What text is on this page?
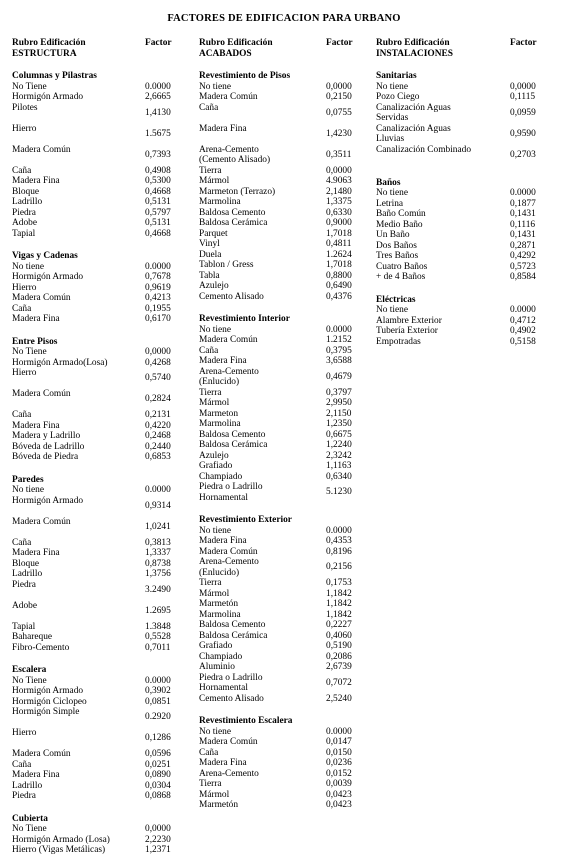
FACTORES DE EDIFICACION PARA URBANO
Rubro Edificación
ESTRUCTURA
Factor
Columnas y Pilastras
No Tiene	0.0000
Hormigón Armado	2,6665
Pilotes	1,4130
Hierro	1.5675
Madera Común	0,7393
Caña	0,4908
Madera Fina	0,5300
Bloque	0,4668
Ladrillo	0,5131
Piedra	0,5797
Adobe	0,5131
Tapial	0,4668
Vigas y Cadenas
No tiene	0.0000
Hormigón Armado	0,7678
Hierro	0,9619
Madera Común	0,4213
Caña	0,1955
Madera Fina	0,6170
Entre Pisos
No Tiene	0,0000
Hormigón Armado(Losa)	0,4268
Hierro	0,5740
Madera Común	0,2824
Caña	0,2131
Madera Fina	0,4220
Madera y Ladrillo	0,2468
Bóveda de Ladrillo	0,2440
Bóveda de Piedra	0,6853
Paredes
No tiene	0.0000
Hormigón Armado	0,9314
Madera Común	1,0241
Caña	0,3813
Madera Fina	1,3337
Bloque	0,8738
Ladrillo	1,3756
Piedra	3.2490
Adobe	1.2695
Tapial	1.3848
Bahareque	0,5528
Fibro-Cemento	0,7011
Escalera
No Tiene	0.0000
Hormigón Armado	0,3902
Hormigón Ciclopeo	0,0851
Hormigón Simple	0.2920
Hierro	0,1286
Madera Común	0,0596
Caña	0,0251
Madera Fina	0,0890
Ladrillo	0,0304
Piedra	0,0868
Cubierta
No Tiene	0,0000
Hormigón Armado (Losa)	2,2230
Hierro (Vigas Metálicas)	1,2371
Rubro Edificación
ACABADOS
Factor
Revestimiento de Pisos
No tiene	0,0000
Madera Común	0,2150
Caña	0,0755
Madera Fina	1,4230
Arena-Cemento
(Cemento Alisado)
0,3511
Tierra	0,0000
Mármol	4.9063
Marmeton (Terrazo)	2,1480
Marmolina	1,3375
Baldosa Cemento	0,6330
Baldosa Cerámica	0,9000
Parquet	1,7018
Vinyl	0,4811
Duela	1.2624
Tablon / Gress	1,7018
Tabla	0,8800
Azulejo	0,6490
Cemento Alisado	0,4376
Revestimiento Interior
No tiene	0.0000
Madera Común	1.2152
Caña	0,3795
Madera Fina	3,6588
Arena-Cemento
(Enlucido)
0,4679
Tierra	0,3797
Mármol	2,9950
Marmeton	2,1150
Marmolina	1,2350
Baldosa Cemento	0,6675
Baldosa Cerámica	1,2240
Azulejo	2,3242
Grafiado	1,1163
Champiado	0,6340
Piedra o Ladrillo
Hornamental
5.1230
Revestimiento Exterior
No tiene	0.0000
Madera Fina	0,4353
Madera Común	0,8196
Arena-Cemento
(Enlucido)
0,2156
Tierra	0,1753
Mármol	1,1842
Marmetón	1,1842
Marmolina	1,1842
Baldosa Cemento	0,2227
Baldosa Cerámica	0,4060
Grafiado	0,5190
Champiado	0,2086
Aluminio	2,6739
Piedra o Ladrillo
Hornamental
0,7072
Cemento Alisado	2,5240
Revestimiento Escalera
No tiene	0.0000
Madera Común	0,0147
Caña	0,0150
Madera Fina	0,0236
Arena-Cemento	0,0152
Tierra	0,0039
Mármol	0,0423
Marmetón	0,0423
Rubro Edificación
INSTALACIONES
Factor
Sanitarias
No tiene	0,0000
Pozo Ciego	0,1115
Canalización Aguas
Servidas
0,0959
Canalización Aguas
Lluvias
0,9590
Canalización Combinado	0,2703
Baños
No tiene	0.0000
Letrina	0,1877
Baño Común	0,1431
Medio Baño	0,1116
Un Baño	0,1431
Dos Baños	0,2871
Tres Baños	0,4292
Cuatro Baños	0,5723
+ de 4 Baños	0,8584
Eléctricas
No tiene	0.0000
Alambre Exterior	0,4712
Tubería Exterior	0,4902
Empotradas	0,5158
